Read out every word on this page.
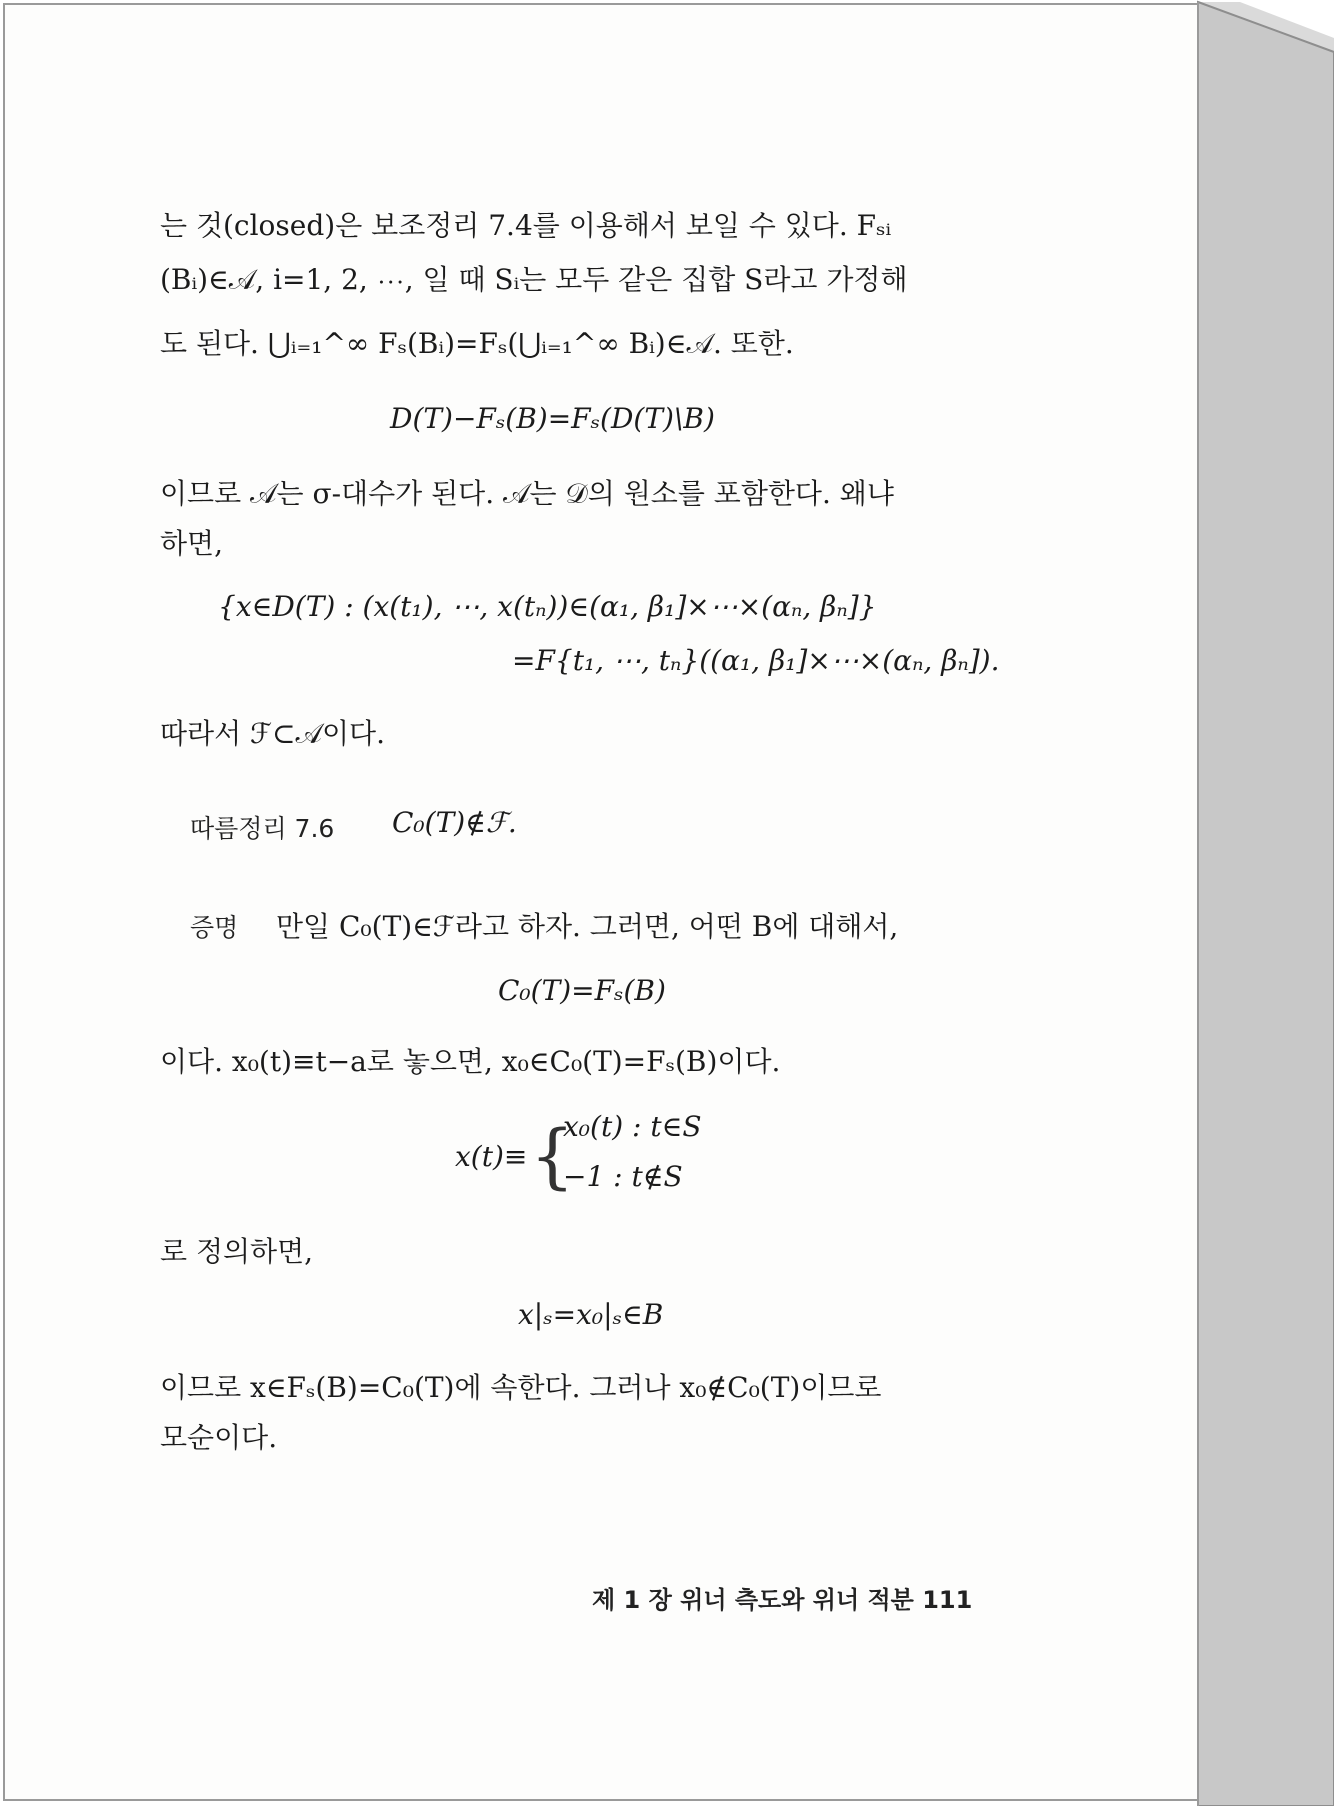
는 것(closed)은 보조정리 7.4를 이용해서 보일 수 있다. Fₛᵢ
(Bᵢ)∈𝒜, i=1, 2, ⋯, 일 때 Sᵢ는 모두 같은 집합 S라고 가정해
도 된다. ⋃ᵢ₌₁^∞ Fₛ(Bᵢ)=Fₛ(⋃ᵢ₌₁^∞ Bᵢ)∈𝒜. 또한.
D(T)−Fₛ(B)=Fₛ(D(T)\B)
이므로 𝒜는 σ-대수가 된다. 𝒜는 𝒟의 원소를 포함한다. 왜냐
하면,
{x∈D(T) : (x(t₁), ⋯, x(tₙ))∈(α₁, β₁]×⋯×(αₙ, βₙ]}
=F{t₁, ⋯, tₙ}((α₁, β₁]×⋯×(αₙ, βₙ]).
따라서 ℱ⊂𝒜이다.
따름정리 7.6 C₀(T)∉ℱ.
증명 만일 C₀(T)∈ℱ라고 하자. 그러면, 어떤 B에 대해서,
C₀(T)=Fₛ(B)
이다. x₀(t)≡t−a로 놓으면, x₀∈C₀(T)=Fₛ(B)이다.
x(t)≡ {
x₀(t) : t∈S
−1 : t∉S
로 정의하면,
x|ₛ=x₀|ₛ∈B
이므로 x∈Fₛ(B)=C₀(T)에 속한다. 그러나 x₀∉C₀(T)이므로
모순이다.
제 1 장 위너 측도와 위너 적분 111
